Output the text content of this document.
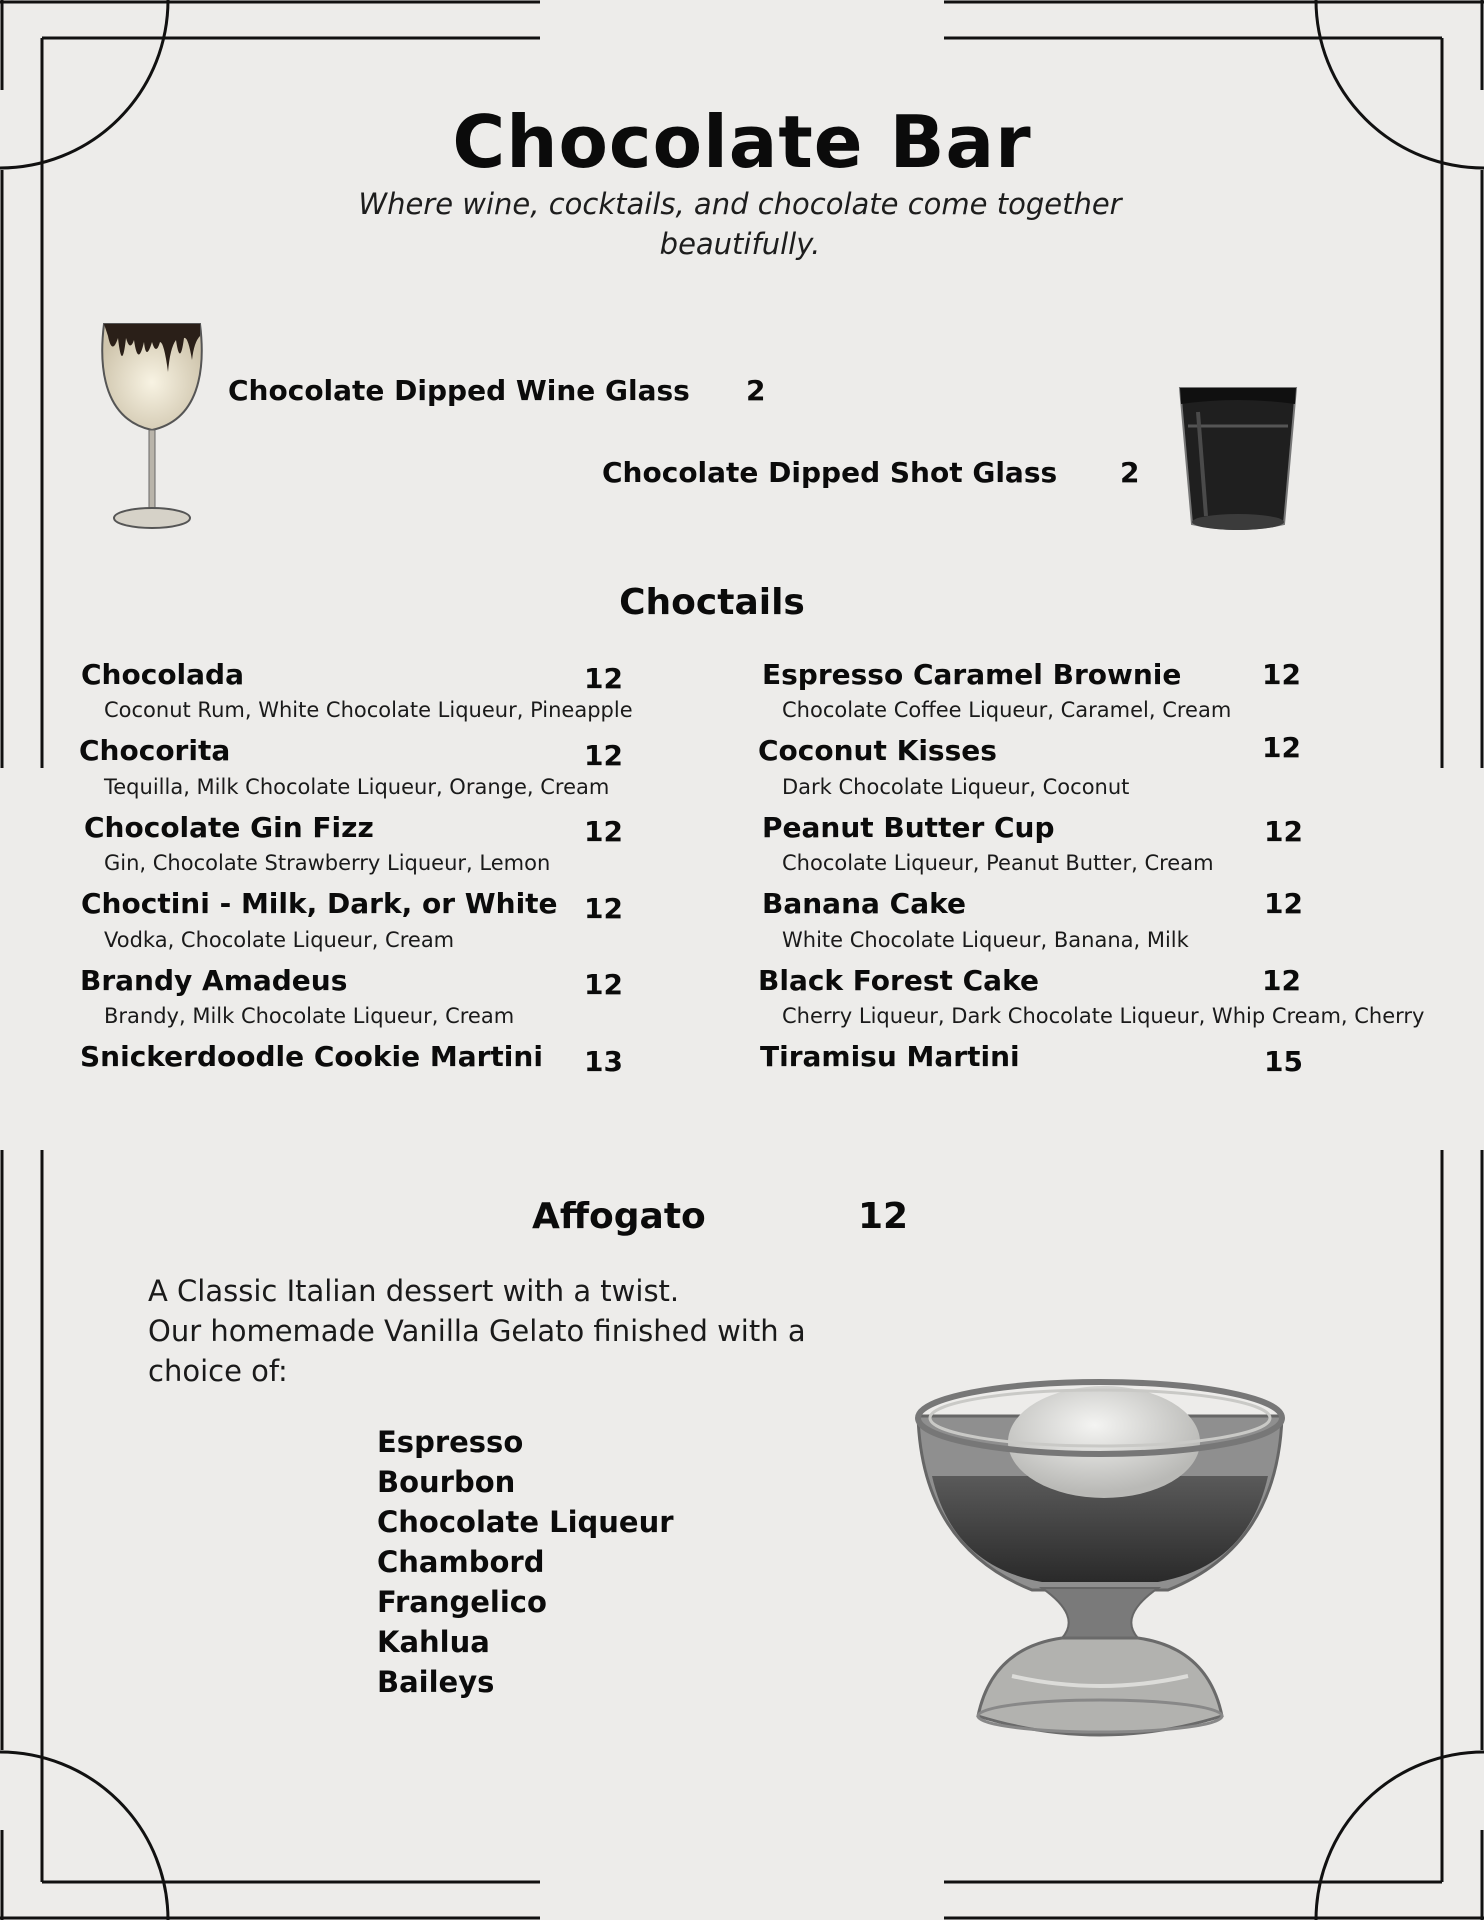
Chocolate Bar
Where wine, cocktails, and chocolate come together beautifully.
Chocolate Dipped Wine Glass 2
Chocolate Dipped Shot Glass 2
Choctails
Chocolada	12
Coconut Rum, White Chocolate Liqueur, Pineapple
Chocorita	12
Tequilla, Milk Chocolate Liqueur, Orange, Cream
Chocolate Gin Fizz	12
Gin, Chocolate Strawberry Liqueur, Lemon
Choctini - Milk, Dark, or White 12
Vodka, Chocolate Liqueur, Cream
Brandy Amadeus	12
Brandy, Milk Chocolate Liqueur, Cream
Snickerdoodle Cookie Martini 13
Espresso Caramel Brownie	12
Chocolate Coffee Liqueur, Caramel, Cream
Coconut Kisses	12
Dark Chocolate Liqueur, Coconut
Peanut Butter Cup	12
Chocolate Liqueur, Peanut Butter, Cream
Banana Cake	12
White Chocolate Liqueur, Banana, Milk
Black Forest Cake	12
Cherry Liqueur, Dark Chocolate Liqueur, Whip Cream, Cherry
Tiramisu Martini	15
Affogato	12
A Classic Italian dessert with a twist.
Our homemade Vanilla Gelato finished with a
choice of:
Espresso
Bourbon
Chocolate Liqueur
Chambord
Frangelico
Kahlua
Baileys
